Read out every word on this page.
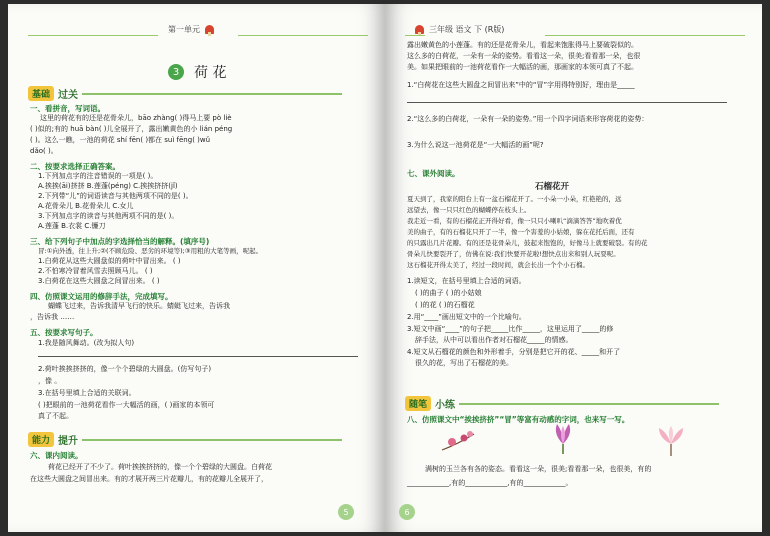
第一单元
3	荷 花
基础 过关
一、看拼音，写词语。
这里的荷花有的还是花骨朵儿，bāo zhàng( )得马上要 pò liè
( )似的;有的 huā bàn( )儿全展开了，露出嫩黄色的小 lián péng
( )。这么一瞧，一池的荷花 shí fēn( )都在 suì fēng( )wǔ
dǎo( )。
二、按要求选择正确答案。
1.下列加点字的注音错误的一项是( )。
A.挨挨(āi)挤挤 B.莲蓬(péng) C.挨挨挤挤(jǐ)
2.下列带“儿”的词语读音与其他两项不同的是( )。
A.花骨朵儿 B.花骨朵儿 C.女儿
3.下列加点字的读音与其他两项不同的是( )。
A.莲蓬 B.衣裳 C.镰刀
三、给下列句子中加点的字选择恰当的解释。(填序号)
冒:①向外透，往上升;②(不顾危险、恶劣的环境等);③用粗的大笔等画，呢起。
1.白荷花从这些大圆盘似的荷叶中冒出来。 ( )
2.不怕寒冷冒着风雪去照顾马儿。 ( )
3.白荷花在这些大圆盘之间冒出来。 ( )
四、仿照课文运用的修辞手法，完成填写。
蝴蝶飞过来，告诉我清早飞行的快乐。蜻蜓飞过来，告诉我
，告诉我 ……
五、按要求写句子。
1.我是随风舞动。(改为拟人句)
2.荷叶挨挨挤挤的，像一个个碧绿的大圆盘。(仿写句子)
，像 。
3.在括号里填上合适的关联词。
( )把眼前的一池荷花看作一大幅活的画，( )画家的本领可
真了不起。
能力 提升
六、课内阅读。
荷花已经开了不少了。荷叶挨挨挤挤的，像一个个碧绿的大圆盘。白荷花
在这些大圆盘之间冒出来。有的才展开两三片花瓣儿，有的花瓣儿全展开了，
5
三年级 语文 下 (R版)
露出嫩黄色的小莲蓬。有的还是花骨朵儿，看起来饱胀得马上要破裂似的。
这么多的白荷花，一朵有一朵的姿势。看看这一朵，很美;看看那一朵，也很
美。如果把眼前的一池荷花看作一大幅活的画，那画家的本领可真了不起。
1.“白荷花在这些大圆盘之间冒出来”中的“冒”字用得特别好，理由是_____
2.“这么多的白荷花，一朵有一朵的姿势。”用一个四字词语来形容荷花的姿势：
3.为什么说这一池荷花是“一大幅活的画”呢?
七、课外阅读。
石榴花开
夏天到了，我家的阳台上有一盆石榴花开了。一小朵一小朵，红艳艳的，远
远望去，像一只只红色的蝴蝶停在枝头上。
我走近一看，有的石榴花正开得好看，像一只只小喇叭“滴滴答答”地吹着优
美的曲子，有的石榴花只开了一半，像一个害羞的小姑娘，躲在花托后面，还有
的只露出几片花瓣。有的还是花骨朵儿，鼓起来饱饱的，好像马上就要破裂。有的花
骨朵儿快要裂开了，仿佛在说:我们快要开花啦!想快点出来和别人玩耍呢。
这石榴花开得太美了，经过一段时间，就会长出一个个小石榴。
1.读短文，在括号里填上合适的词语。
( )的曲子 ( )的小姑娘
( )的花 ( )的石榴花
2.用“____”画出短文中的一个比喻句。
3.短文中画“____”的句子把_____比作_____，这里运用了_____的修
辞手法，从中可以看出作者对石榴花_____的情感。
4.短文从石榴花的颜色和外形着手，分别是把它开的花、_____和开了
很久的花，写出了石榴花的美。
随笔 小练
八、仿照课文中“挨挨挤挤”“冒”等富有动感的字词，也来写一写。
满树的玉兰各有各的姿态。看看这一朵，很美;看看那一朵，也很美，有的
____________,有的____________,有的____________。
6
